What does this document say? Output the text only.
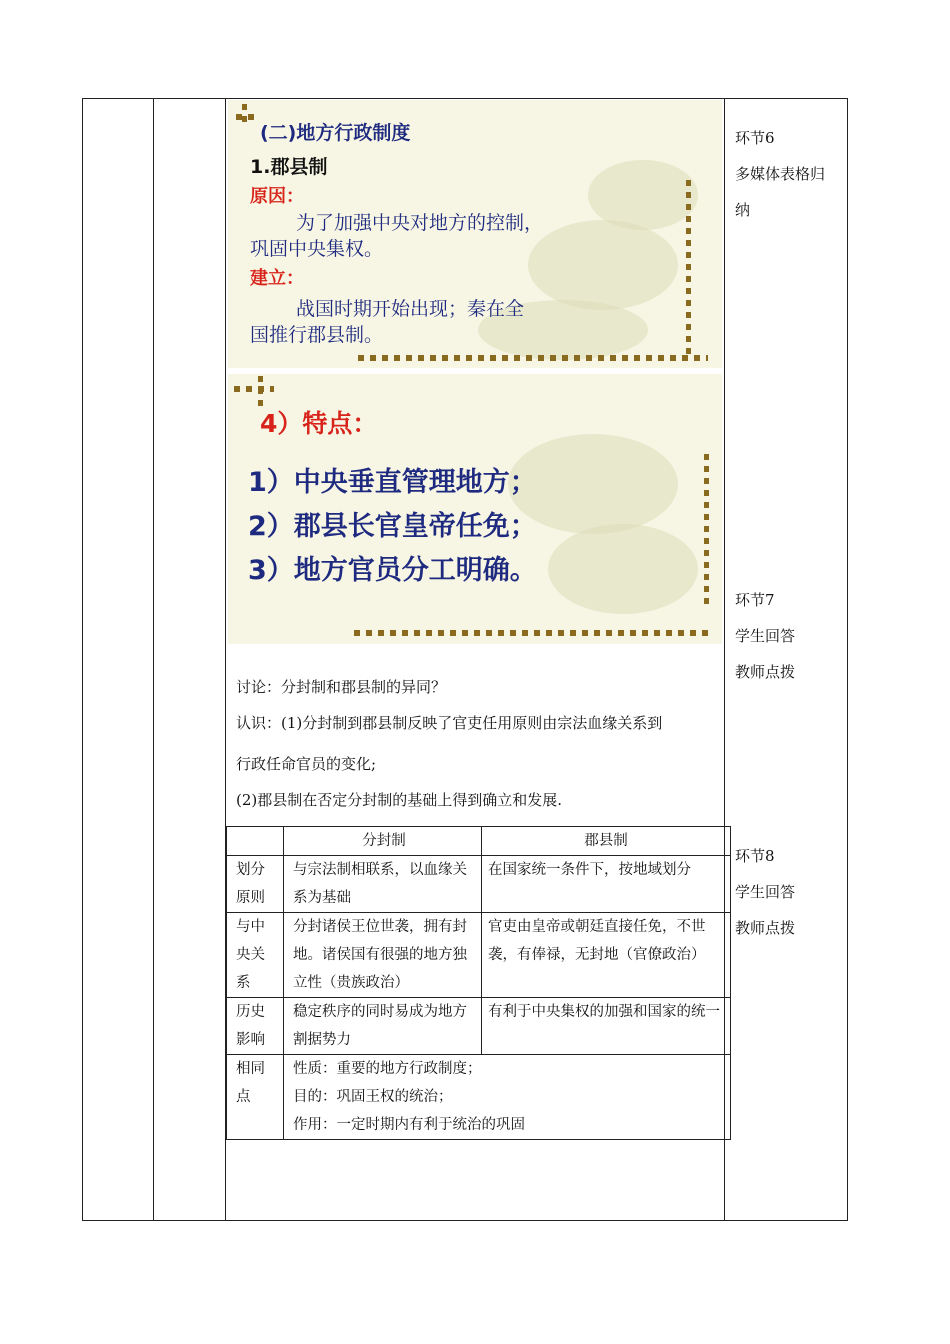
(二)地方行政制度
1.郡县制
原因：
为了加强中央对地方的控制，
巩固中央集权。
建立：
战国时期开始出现；秦在全
国推行郡县制。
4）特点：
1）中央垂直管理地方；
2）郡县长官皇帝任免；
3）地方官员分工明确。
讨论：分封制和郡县制的异同？
认识：(1)分封制到郡县制反映了官吏任用原则由宗法血缘关系到
行政任命官员的变化;
(2)郡县制在否定分封制的基础上得到确立和发展.
	分封制	郡县制
划分原则	与宗法制相联系，以血缘关系为基础	在国家统一条件下，按地域划分
与中央关系	分封诸侯王位世袭，拥有封地。诸侯国有很强的地方独立性（贵族政治）	官吏由皇帝或朝廷直接任免，不世袭，有俸禄，无封地（官僚政治）
历史影响	稳定秩序的同时易成为地方割据势力	有利于中央集权的加强和国家的统一
相同点	性质：重要的地方行政制度；
目的：巩固王权的统治；
作用：一定时期内有利于统治的巩固	
环节6
多媒体表格归
纳
环节7
学生回答
教师点拨
环节8
学生回答
教师点拨
